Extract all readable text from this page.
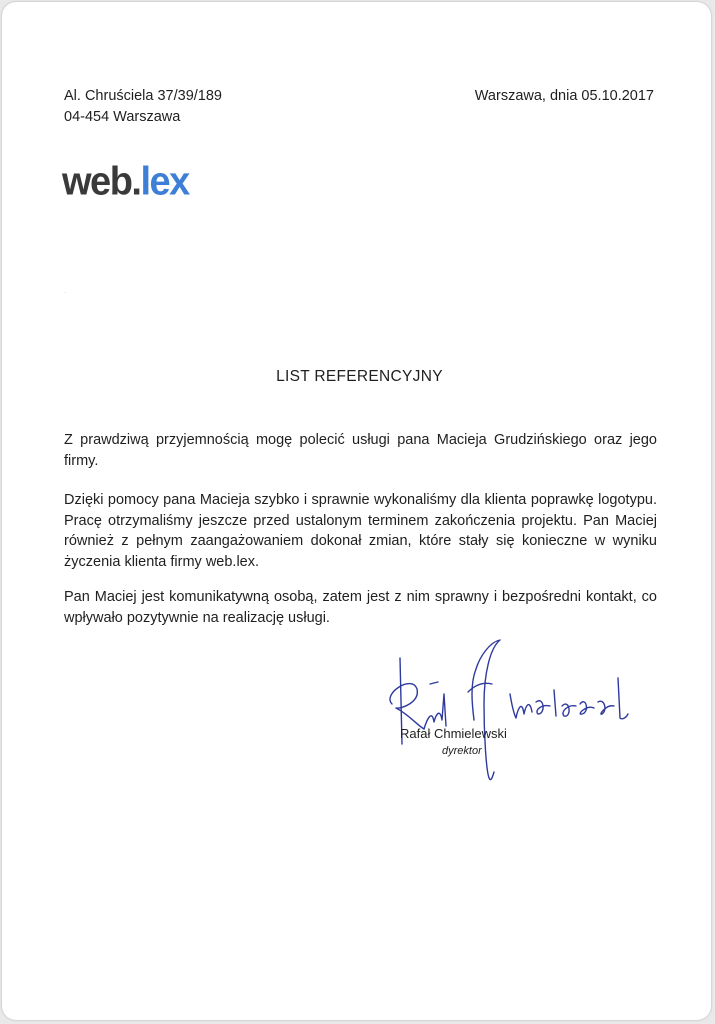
Al. Chruściela 37/39/189
04-454 Warszawa
Warszawa, dnia 05.10.2017
web.lex
·
LIST REFERENCYJNY
Z prawdziwą przyjemnością mogę polecić usługi pana Macieja Grudzińskiego oraz jego firmy.
Dzięki pomocy pana Macieja szybko i sprawnie wykonaliśmy dla klienta poprawkę logotypu. Pracę otrzymaliśmy jeszcze przed ustalonym terminem zakończenia projektu. Pan Maciej również z pełnym zaangażowaniem dokonał zmian, które stały się konieczne w wyniku życzenia klienta firmy web.lex.
Pan Maciej jest komunikatywną osobą, zatem jest z nim sprawny i bezpośredni kontakt, co wpływało pozytywnie na realizację usługi.
Rafał Chmielewski
dyrektor
